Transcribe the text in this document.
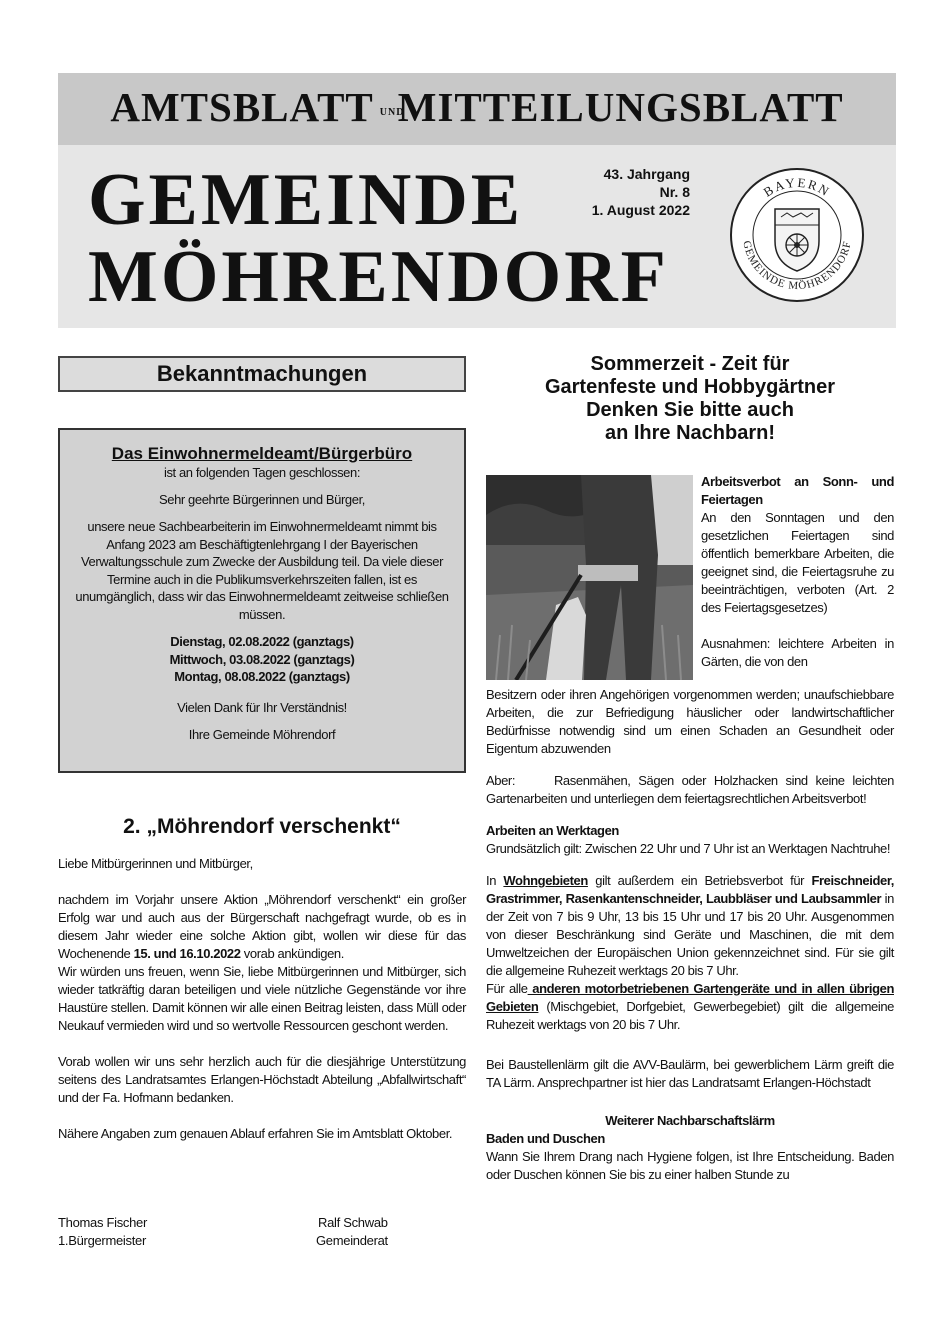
AMTSBLATT UNDMITTEILUNGSBLATT
GEMEINDE
MÖHRENDORF
43. Jahrgang
Nr. 8
1. August 2022
BAYERN
GEMEINDE MÖHRENDORF
Bekanntmachungen
Das Einwohnermeldeamt/Bürgerbüro

ist an folgenden Tagen geschlossen:

Sehr geehrte Bürgerinnen und Bürger,

unsere neue Sachbearbeiterin im Einwohnermeldeamt nimmt bis Anfang 2023 am Beschäftigtenlehrgang I der Bayerischen Verwaltungsschule zum Zwecke der Ausbildung teil. Da viele dieser Termine auch in die Publikumsverkehrszeiten fallen, ist es unumgänglich, dass wir das Einwohnermeldeamt zeitweise schließen müssen.

Dienstag, 02.08.2022 (ganztags)
Mittwoch, 03.08.2022 (ganztags)
Montag, 08.08.2022 (ganztags)

Vielen Dank für Ihr Verständnis!

Ihre Gemeinde Möhrendorf

2. „Möhrendorf verschenkt“

Liebe Mitbürgerinnen und Mitbürger,

nachdem im Vorjahr unsere Aktion „Möhrendorf verschenkt“ ein großer Erfolg war und auch aus der Bürgerschaft nachgefragt wurde, ob es in diesem Jahr wieder eine solche Aktion gibt, wollen wir diese für das Wochenende 15. und 16.10.2022 vorab ankündigen.
Wir würden uns freuen, wenn Sie, liebe Mitbürgerinnen und Mitbürger, sich wieder tatkräftig daran beteiligen und viele nützliche Gegenstände vor ihre Haustüre stellen. Damit können wir alle einen Beitrag leisten, dass Müll oder Neukauf vermieden wird und so wertvolle Ressourcen geschont werden.

Vorab wollen wir uns sehr herzlich auch für die diesjährige Unterstützung seitens des Landratsamtes Erlangen-Höchstadt Abteilung „Abfallwirtschaft“ und der Fa. Hofmann bedanken.

Nähere Angaben zum genauen Ablauf erfahren Sie im Amtsblatt Oktober.

Thomas Fischer
1.Bürgermeister
Ralf Schwab
Gemeinderat
Sommerzeit - Zeit für
Gartenfeste und Hobbygärtner
Denken Sie bitte auch
an Ihre Nachbarn!
Arbeitsverbot an Sonn- und Feiertagen
An den Sonntagen und den gesetzlichen Feiertagen sind öffentlich bemerkbare Arbeiten, die geeignet sind, die Feiertagsruhe zu beeinträchtigen, verboten (Art. 2 des Feiertagsgesetzes)
Ausnahmen: leichtere Arbeiten in Gärten, die von den

Besitzern oder ihren Angehörigen vorgenommen werden; unaufschiebbare Arbeiten, die zur Befriedigung häuslicher oder landwirtschaftlicher Bedürfnisse notwendig sind um einen Schaden an Gesundheit oder Eigentum abzuwenden

Aber:     Rasenmähen, Sägen oder Holzhacken sind keine leichten Gartenarbeiten und unterliegen dem feiertagsrechtlichen Arbeitsverbot!

Arbeiten an Werktagen
Grundsätzlich gilt: Zwischen 22 Uhr und 7 Uhr ist an Werktagen Nachtruhe!

In Wohngebieten gilt außerdem ein Betriebsverbot für Freischneider, Grastrimmer, Rasenkantenschneider, Laubbläser und Laubsammler in der Zeit von 7 bis 9 Uhr, 13 bis 15 Uhr und 17 bis 20 Uhr. Ausgenommen von dieser Beschränkung sind Geräte und Maschinen, die mit dem Umweltzeichen der Europäischen Union gekennzeichnet sind. Für sie gilt die allgemeine Ruhezeit werktags 20 bis 7 Uhr.

Für alle anderen motorbetriebenen Gartengeräte und in allen übrigen Gebieten (Mischgebiet, Dorfgebiet, Gewerbegebiet) gilt die allgemeine Ruhezeit werktags von 20 bis 7 Uhr.

Bei Baustellenlärm gilt die AVV-Baulärm, bei gewerblichem Lärm greift die TA Lärm. Ansprechpartner ist hier das Landratsamt Erlangen-Höchstadt

Weiterer Nachbarschaftslärm
Baden und Duschen
Wann Sie Ihrem Drang nach Hygiene folgen, ist Ihre Entscheidung. Baden oder Duschen können Sie bis zu einer halben Stunde zu
